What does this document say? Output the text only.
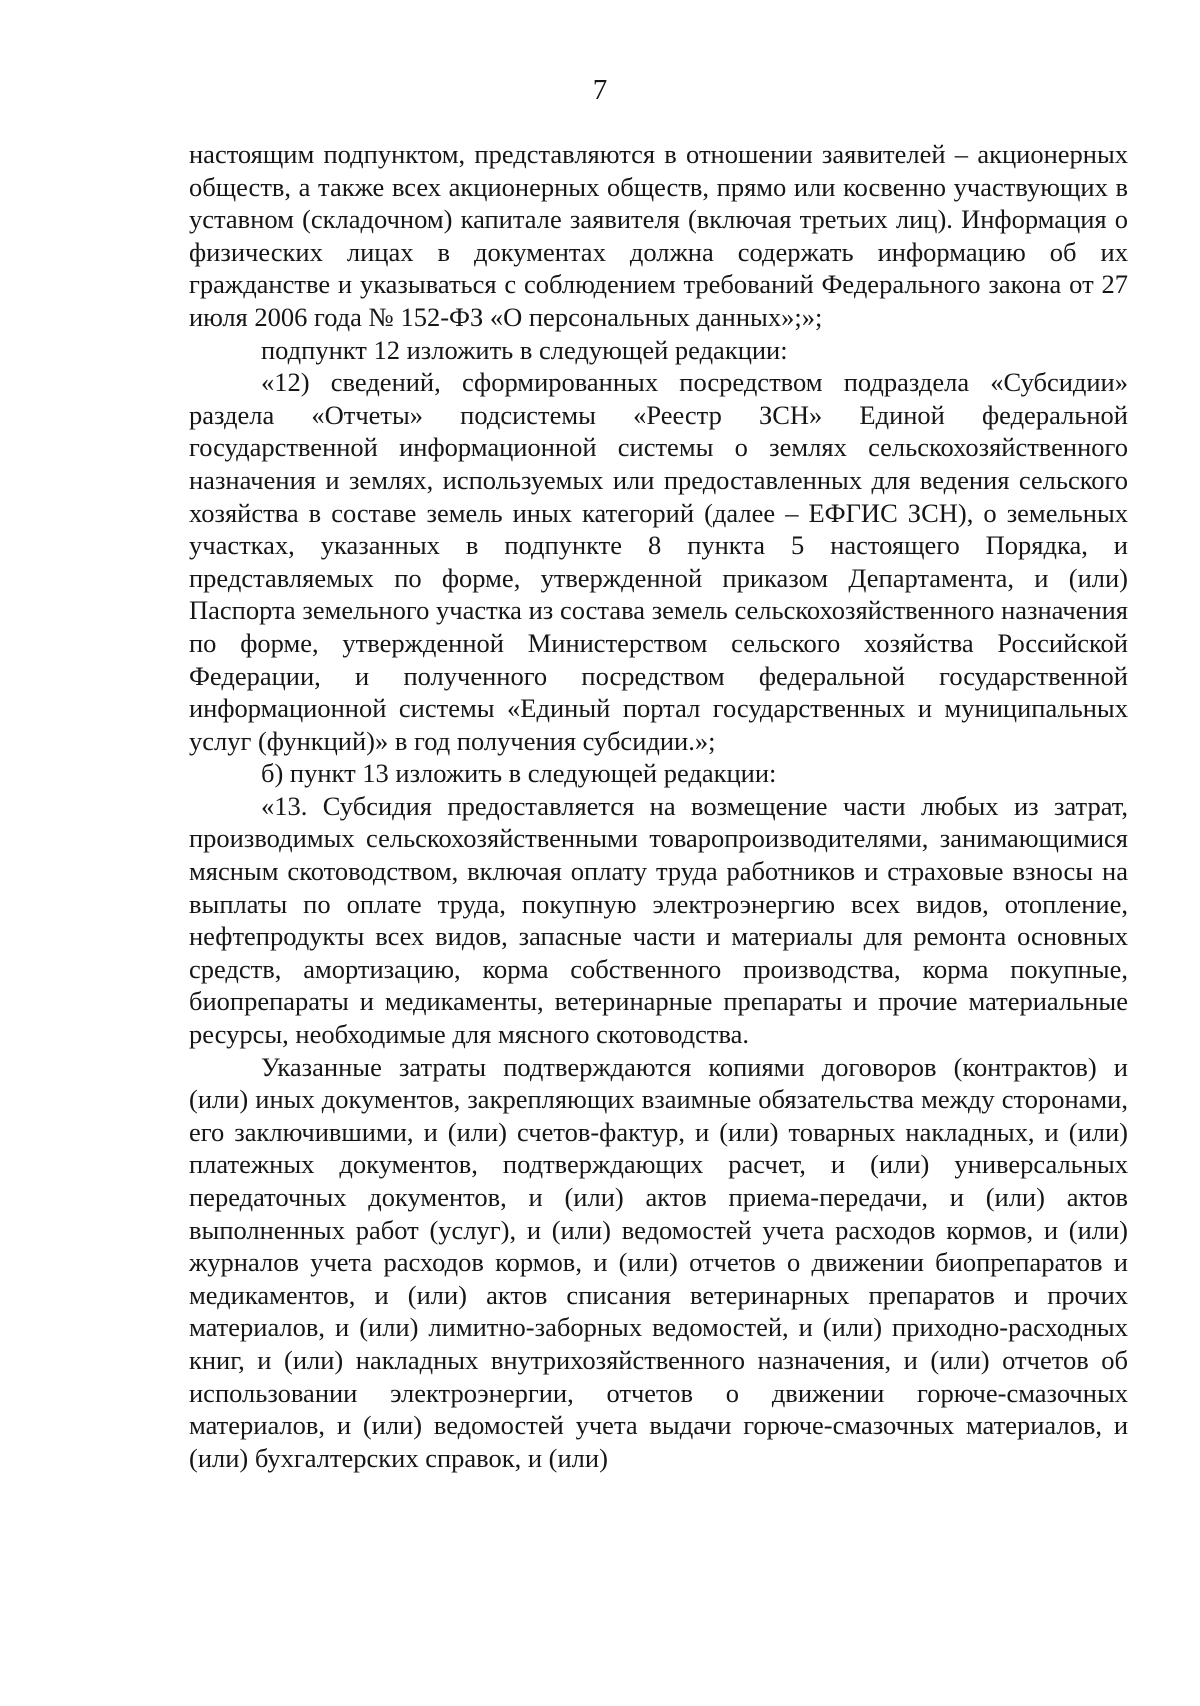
7

настоящим подпунктом, представляются в отношении заявителей – акционерных обществ, а также всех акционерных обществ, прямо или косвенно участвующих в уставном (складочном) капитале заявителя (включая третьих лиц). Информация о физических лицах в документах должна содержать информацию об их гражданстве и указываться с соблюдением требований Федерального закона от 27 июля 2006 года № 152-ФЗ «О персональных данных»;»;

подпункт 12 изложить в следующей редакции:

«12) сведений, сформированных посредством подраздела «Субсидии» раздела «Отчеты» подсистемы «Реестр ЗСН» Единой федеральной государственной информационной системы о землях сельскохозяйственного назначения и землях, используемых или предоставленных для ведения сельского хозяйства в составе земель иных категорий (далее – ЕФГИС ЗСН), о земельных участках, указанных в подпункте 8 пункта 5 настоящего Порядка, и представляемых по форме, утвержденной приказом Департамента, и (или) Паспорта земельного участка из состава земель сельскохозяйственного назначения по форме, утвержденной Министерством сельского хозяйства Российской Федерации, и полученного посредством федеральной государственной информационной системы «Единый портал государственных и муниципальных услуг (функций)» в год получения субсидии.»;

б) пункт 13 изложить в следующей редакции:

«13. Субсидия предоставляется на возмещение части любых из затрат, производимых сельскохозяйственными товаропроизводителями, занимающимися мясным скотоводством, включая оплату труда работников и страховые взносы на выплаты по оплате труда, покупную электроэнергию всех видов, отопление, нефтепродукты всех видов, запасные части и материалы для ремонта основных средств, амортизацию, корма собственного производства, корма покупные, биопрепараты и медикаменты, ветеринарные препараты и прочие материальные ресурсы, необходимые для мясного скотоводства.

Указанные затраты подтверждаются копиями договоров (контрактов) и (или) иных документов, закрепляющих взаимные обязательства между сторонами, его заключившими, и (или) счетов-фактур, и (или) товарных накладных, и (или) платежных документов, подтверждающих расчет, и (или) универсальных передаточных документов, и (или) актов приема-передачи, и (или) актов выполненных работ (услуг), и (или) ведомостей учета расходов кормов, и (или) журналов учета расходов кормов, и (или) отчетов о движении биопрепаратов и медикаментов, и (или) актов списания ветеринарных препаратов и прочих материалов, и (или) лимитно-заборных ведомостей, и (или) приходно-расходных книг, и (или) накладных внутрихозяйственного назначения, и (или) отчетов об использовании электроэнергии, отчетов о движении горюче-смазочных материалов, и (или) ведомостей учета выдачи горюче-смазочных материалов, и (или) бухгалтерских справок, и (или)
